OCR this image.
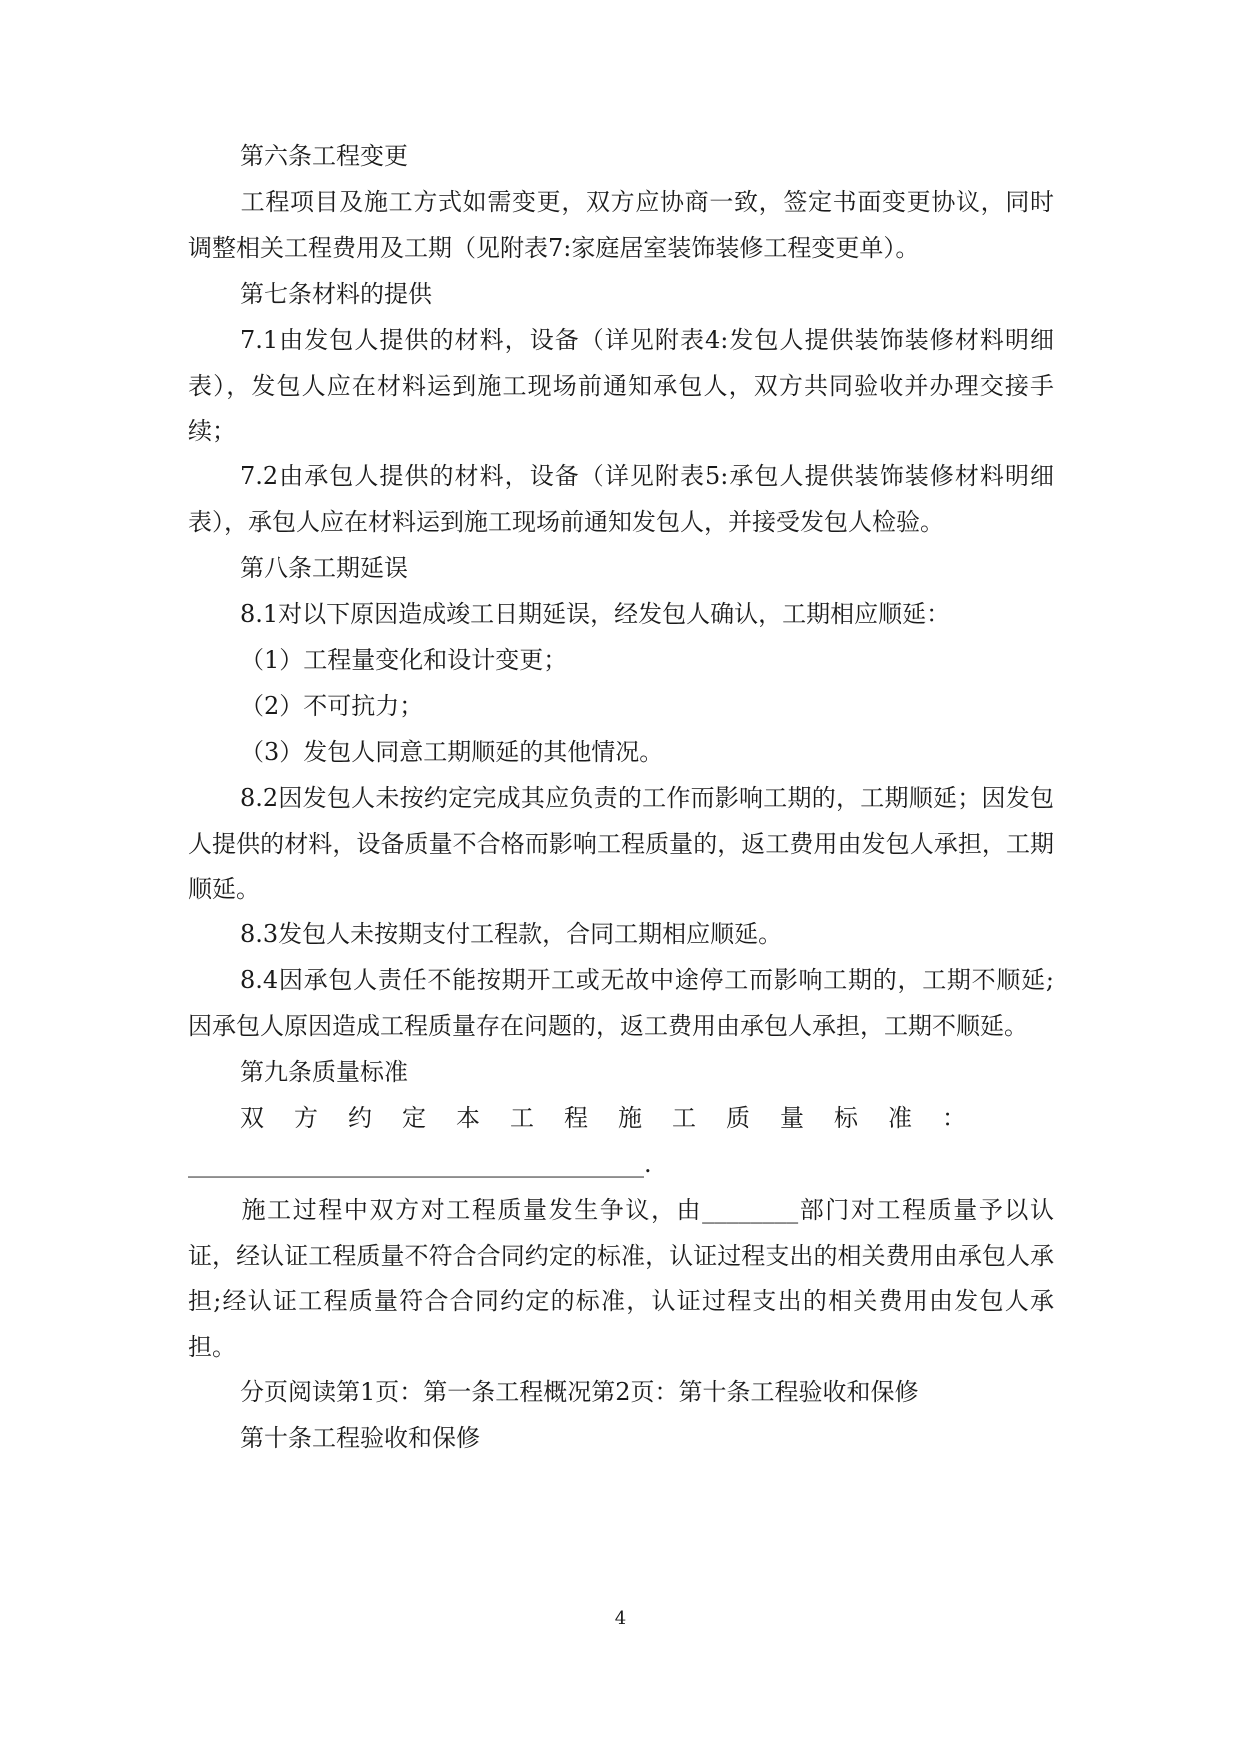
第六条工程变更

工程项目及施工方式如需变更，双方应协商一致，签定书面变更协议，同时调整相关工程费用及工期（见附表7:家庭居室装饰装修工程变更单）。

第七条材料的提供

7.1由发包人提供的材料，设备（详见附表4:发包人提供装饰装修材料明细表），发包人应在材料运到施工现场前通知承包人，双方共同验收并办理交接手续；

7.2由承包人提供的材料，设备（详见附表5:承包人提供装饰装修材料明细表），承包人应在材料运到施工现场前通知发包人，并接受发包人检验。

第八条工期延误

8.1对以下原因造成竣工日期延误，经发包人确认，工期相应顺延：

（1）工程量变化和设计变更；

（2）不可抗力；

（3）发包人同意工期顺延的其他情况。

8.2因发包人未按约定完成其应负责的工作而影响工期的，工期顺延；因发包人提供的材料，设备质量不合格而影响工程质量的，返工费用由发包人承担，工期顺延。

8.3发包人未按期支付工程款，合同工期相应顺延。

8.4因承包人责任不能按期开工或无故中途停工而影响工期的，工期不顺延;因承包人原因造成工程质量存在问题的，返工费用由承包人承担，工期不顺延。

第九条质量标准

双方约定本工程施工质量标准：

______________________________________.

施工过程中双方对工程质量发生争议，由________部门对工程质量予以认证，经认证工程质量不符合合同约定的标准，认证过程支出的相关费用由承包人承担;经认证工程质量符合合同约定的标准，认证过程支出的相关费用由发包人承担。

分页阅读第1页：第一条工程概况第2页：第十条工程验收和保修

第十条工程验收和保修

4
